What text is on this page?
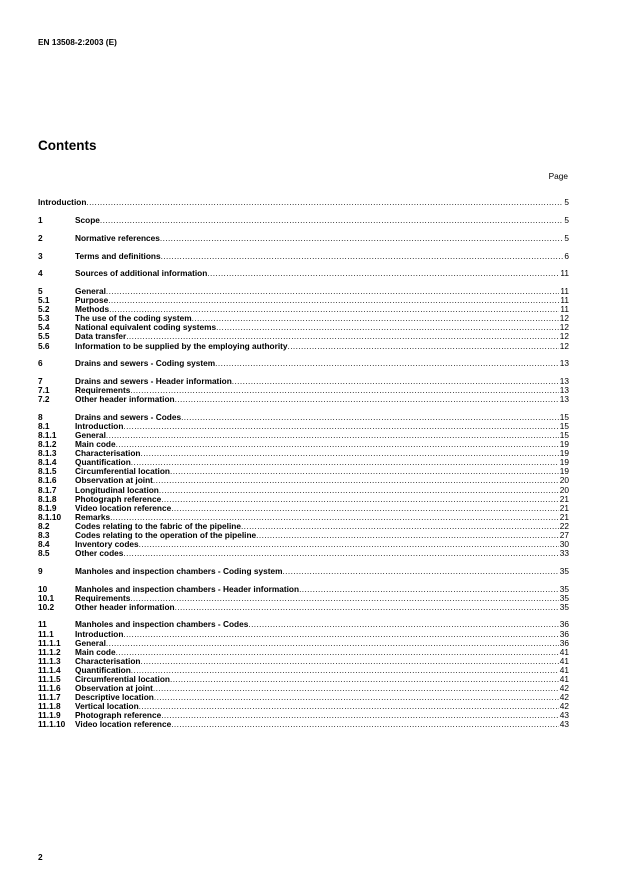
EN 13508-2:2003 (E)
Contents
Page
Introduction .....	5
1	Scope .....	5
2	Normative references .....	5
3	Terms and definitions .....	6
4	Sources of additional information .....	11
5	General .....	11
5.1	Purpose .....	11
5.2	Methods .....	11
5.3	The use of the coding system .....	12
5.4	National equivalent coding systems .....	12
5.5	Data transfer .....	12
5.6	Information to be supplied by the employing authority .....	12
6	Drains and sewers - Coding system .....	13
7	Drains and sewers - Header information .....	13
7.1	Requirements .....	13
7.2	Other header information .....	13
8	Drains and sewers - Codes .....	15
8.1	Introduction .....	15
8.1.1	General .....	15
8.1.2	Main code .....	19
8.1.3	Characterisation .....	19
8.1.4	Quantification .....	19
8.1.5	Circumferential location .....	19
8.1.6	Observation at joint .....	20
8.1.7	Longitudinal location .....	20
8.1.8	Photograph reference .....	21
8.1.9	Video location reference .....	21
8.1.10	Remarks .....	21
8.2	Codes relating to the fabric of the pipeline .....	22
8.3	Codes relating to the operation of the pipeline .....	27
8.4	Inventory codes .....	30
8.5	Other codes .....	33
9	Manholes and inspection chambers - Coding system .....	35
10	Manholes and inspection chambers - Header information .....	35
10.1	Requirements .....	35
10.2	Other header information .....	35
11	Manholes and inspection chambers - Codes .....	36
11.1	Introduction .....	36
11.1.1	General .....	36
11.1.2	Main code .....	41
11.1.3	Characterisation .....	41
11.1.4	Quantification .....	41
11.1.5	Circumferential location .....	41
11.1.6	Observation at joint .....	42
11.1.7	Descriptive location .....	42
11.1.8	Vertical location .....	42
11.1.9	Photograph reference .....	43
11.1.10	Video location reference .....	43
2
